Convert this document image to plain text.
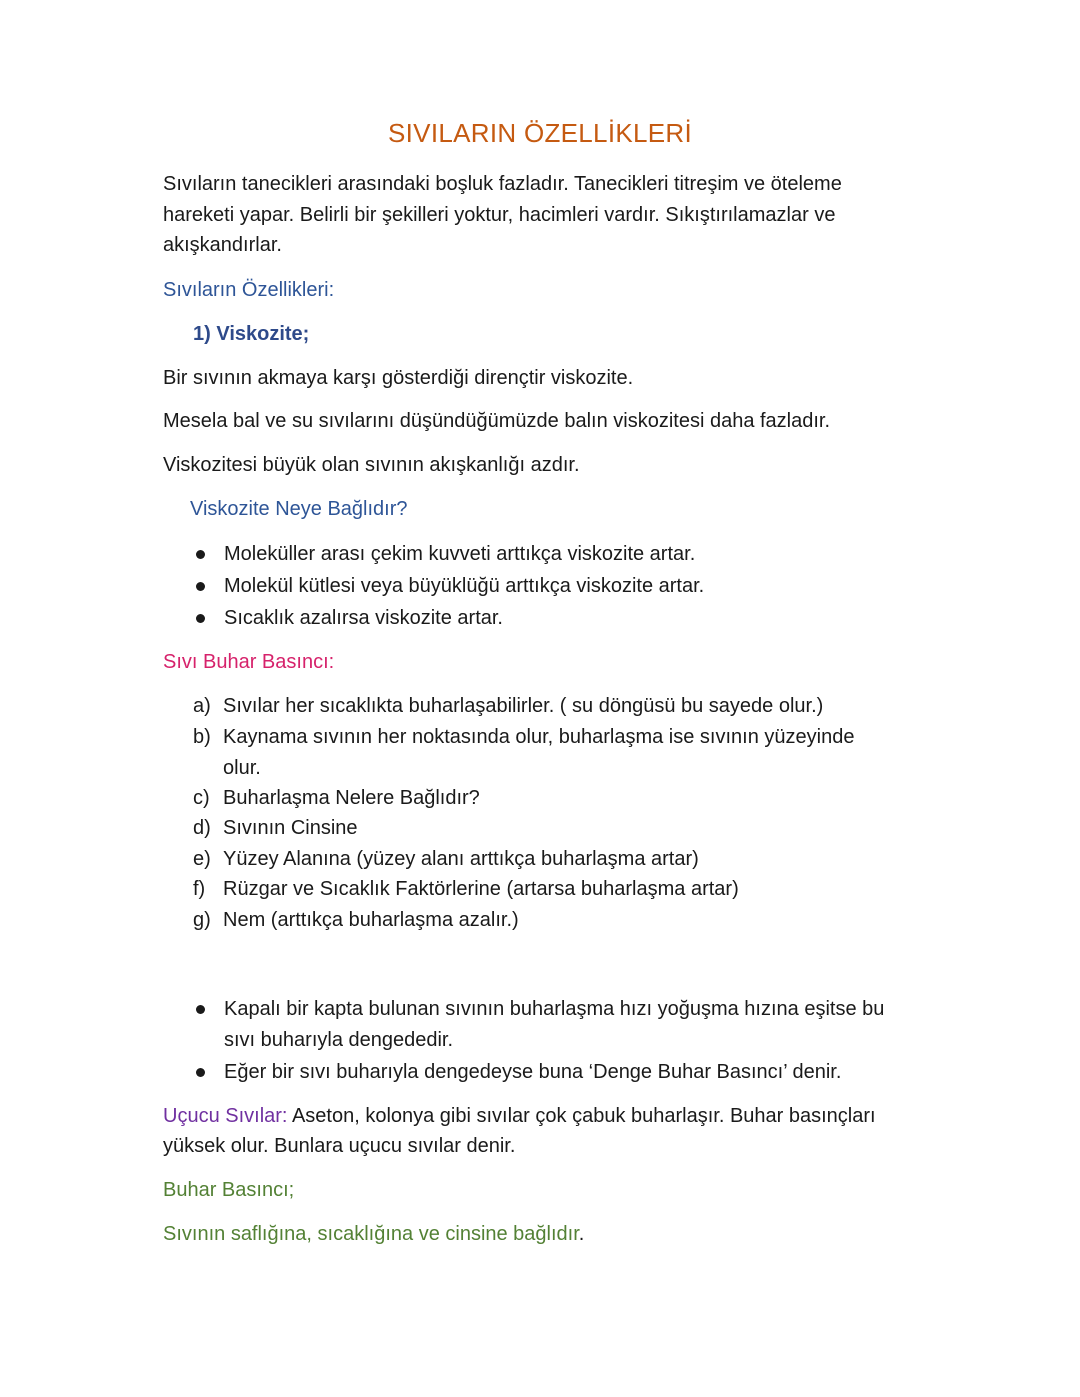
SIVILARIN ÖZELLİKLERİ
Sıvıların tanecikleri arasındaki boşluk fazladır. Tanecikleri titreşim ve öteleme
hareketi yapar. Belirli bir şekilleri yoktur, hacimleri vardır. Sıkıştırılamazlar ve
akışkandırlar.
Sıvıların Özellikleri:
1) Viskozite;
Bir sıvının akmaya karşı gösterdiği dirençtir viskozite.
Mesela bal ve su sıvılarını düşündüğümüzde balın viskozitesi daha fazladır.
Viskozitesi büyük olan sıvının akışkanlığı azdır.
Viskozite Neye Bağlıdır?
Moleküller arası çekim kuvveti arttıkça viskozite artar.
Molekül kütlesi veya büyüklüğü arttıkça viskozite artar.
Sıcaklık azalırsa viskozite artar.
Sıvı Buhar Basıncı:
a) Sıvılar her sıcaklıkta buharlaşabilirler. ( su döngüsü bu sayede olur.)
b) Kaynama sıvının her noktasında olur, buharlaşma ise sıvının yüzeyinde
olur.
c) Buharlaşma Nelere Bağlıdır?
d) Sıvının Cinsine
e) Yüzey Alanına (yüzey alanı arttıkça buharlaşma artar)
f) Rüzgar ve Sıcaklık Faktörlerine (artarsa buharlaşma artar)
g) Nem (arttıkça buharlaşma azalır.)
Kapalı bir kapta bulunan sıvının buharlaşma hızı yoğuşma hızına eşitse bu
sıvı buharıyla dengededir.
Eğer bir sıvı buharıyla dengedeyse buna ‘Denge Buhar Basıncı’ denir.
Uçucu Sıvılar: Aseton, kolonya gibi sıvılar çok çabuk buharlaşır. Buhar basınçları
yüksek olur. Bunlara uçucu sıvılar denir.
Buhar Basıncı;
Sıvının saflığına, sıcaklığına ve cinsine bağlıdır.
